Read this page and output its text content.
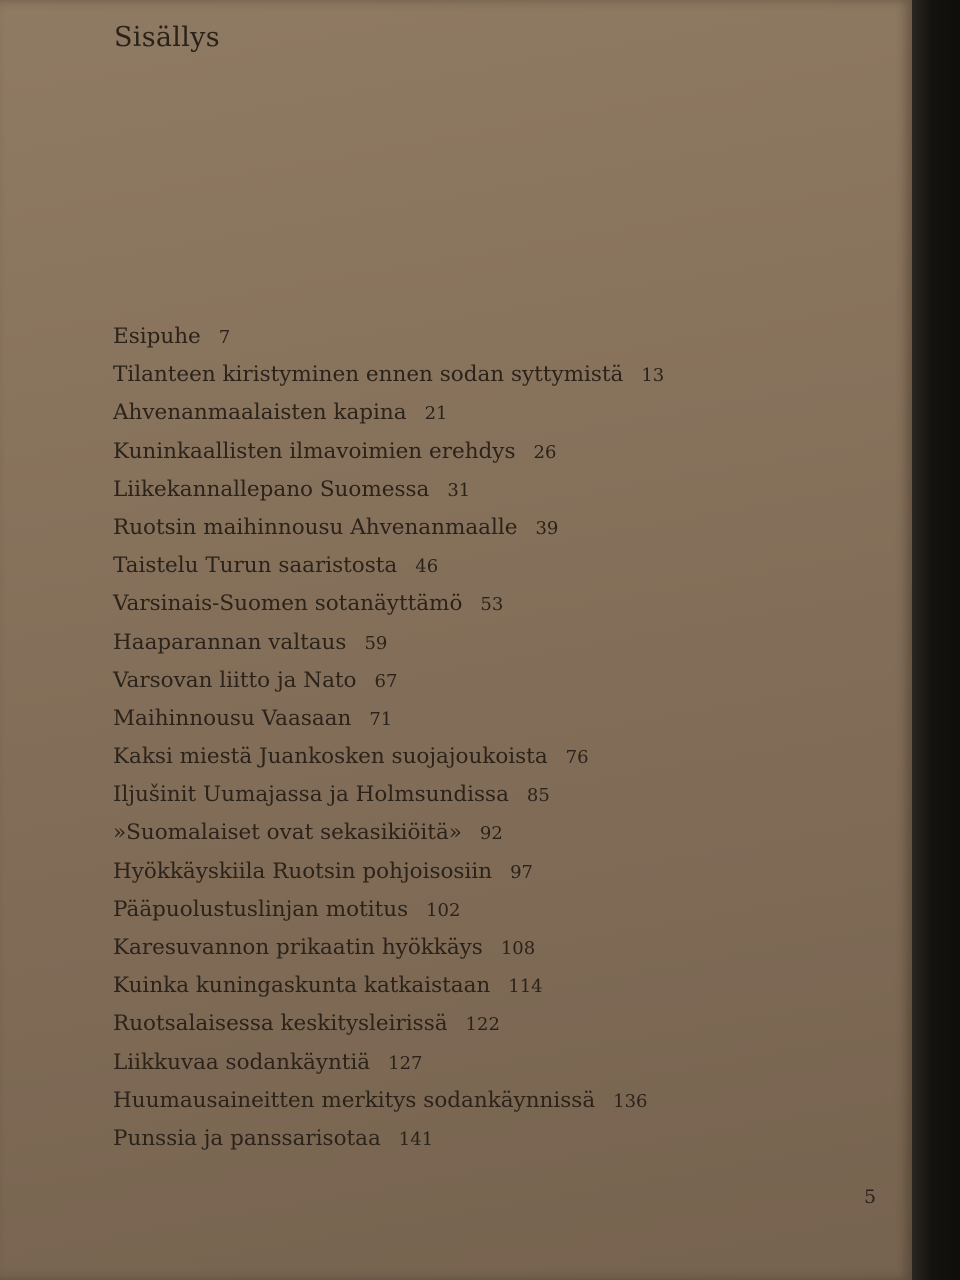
Sisällys
Esipuhe 7
Tilanteen kiristyminen ennen sodan syttymistä 13
Ahvenanmaalaisten kapina 21
Kuninkaallisten ilmavoimien erehdys 26
Liikekannallepano Suomessa 31
Ruotsin maihinnousu Ahvenanmaalle 39
Taistelu Turun saaristosta 46
Varsinais-Suomen sotanäyttämö 53
Haaparannan valtaus 59
Varsovan liitto ja Nato 67
Maihinnousu Vaasaan 71
Kaksi miestä Juankosken suojajoukoista 76
Iljušinit Uumajassa ja Holmsundissa 85
»Suomalaiset ovat sekasikiöitä» 92
Hyökkäyskiila Ruotsin pohjoisosiin 97
Pääpuolustuslinjan motitus 102
Karesuvannon prikaatin hyökkäys 108
Kuinka kuningaskunta katkaistaan 114
Ruotsalaisessa keskitysleirissä 122
Liikkuvaa sodankäyntiä 127
Huumausaineitten merkitys sodankäynnissä 136
Punssia ja panssarisotaa 141
5
